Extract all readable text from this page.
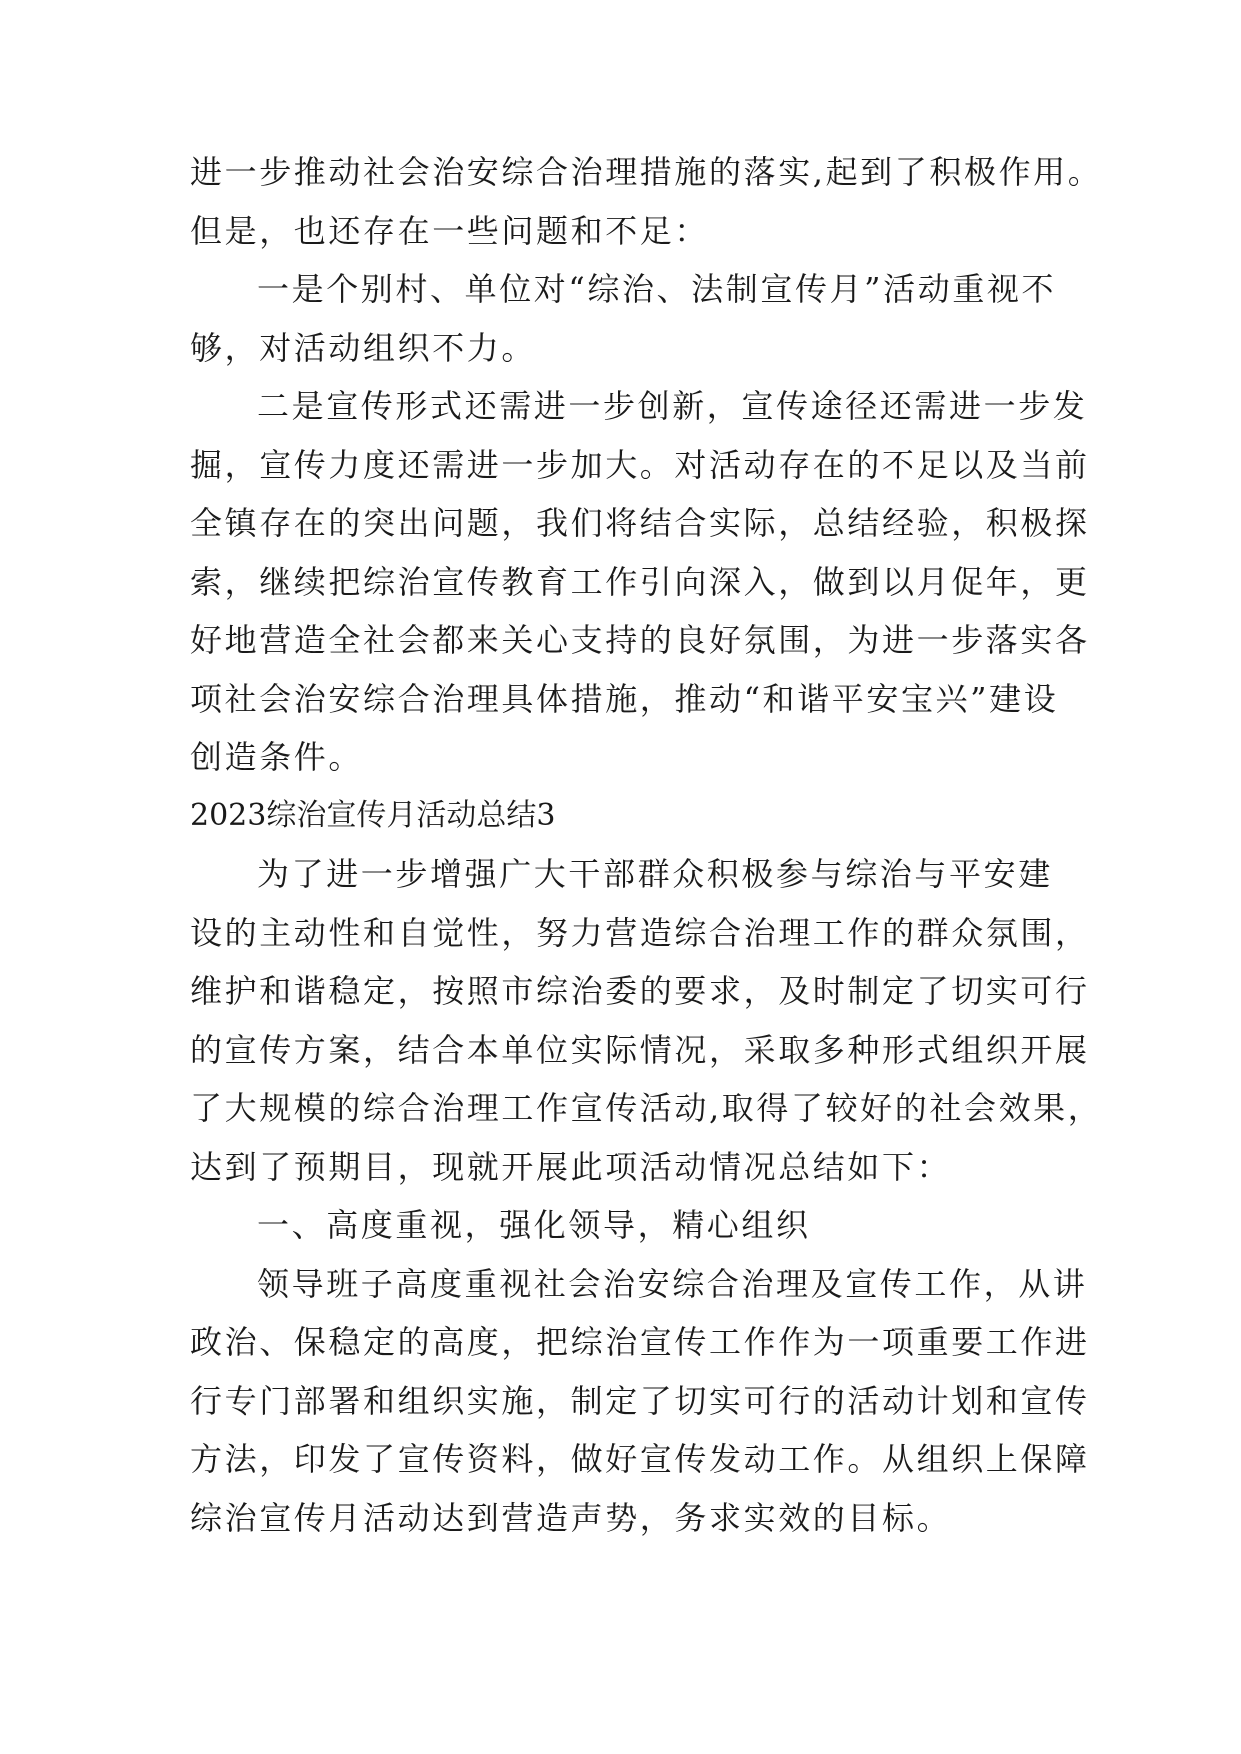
进一步推动社会治安综合治理措施的落实,起到了积极作用。
但是，也还存在一些问题和不足：
一是个别村、单位对“综治、法制宣传月”活动重视不
够，对活动组织不力。
二是宣传形式还需进一步创新，宣传途径还需进一步发
掘，宣传力度还需进一步加大。对活动存在的不足以及当前
全镇存在的突出问题，我们将结合实际，总结经验，积极探
索，继续把综治宣传教育工作引向深入，做到以月促年，更
好地营造全社会都来关心支持的良好氛围，为进一步落实各
项社会治安综合治理具体措施，推动“和谐平安宝兴”建设
创造条件。
2023综治宣传月活动总结3
为了进一步增强广大干部群众积极参与综治与平安建
设的主动性和自觉性，努力营造综合治理工作的群众氛围，
维护和谐稳定，按照市综治委的要求，及时制定了切实可行
的宣传方案，结合本单位实际情况，采取多种形式组织开展
了大规模的综合治理工作宣传活动,取得了较好的社会效果，
达到了预期目，现就开展此项活动情况总结如下：
一、高度重视，强化领导，精心组织
领导班子高度重视社会治安综合治理及宣传工作，从讲
政治、保稳定的高度，把综治宣传工作作为一项重要工作进
行专门部署和组织实施，制定了切实可行的活动计划和宣传
方法，印发了宣传资料，做好宣传发动工作。从组织上保障
综治宣传月活动达到营造声势，务求实效的目标。
